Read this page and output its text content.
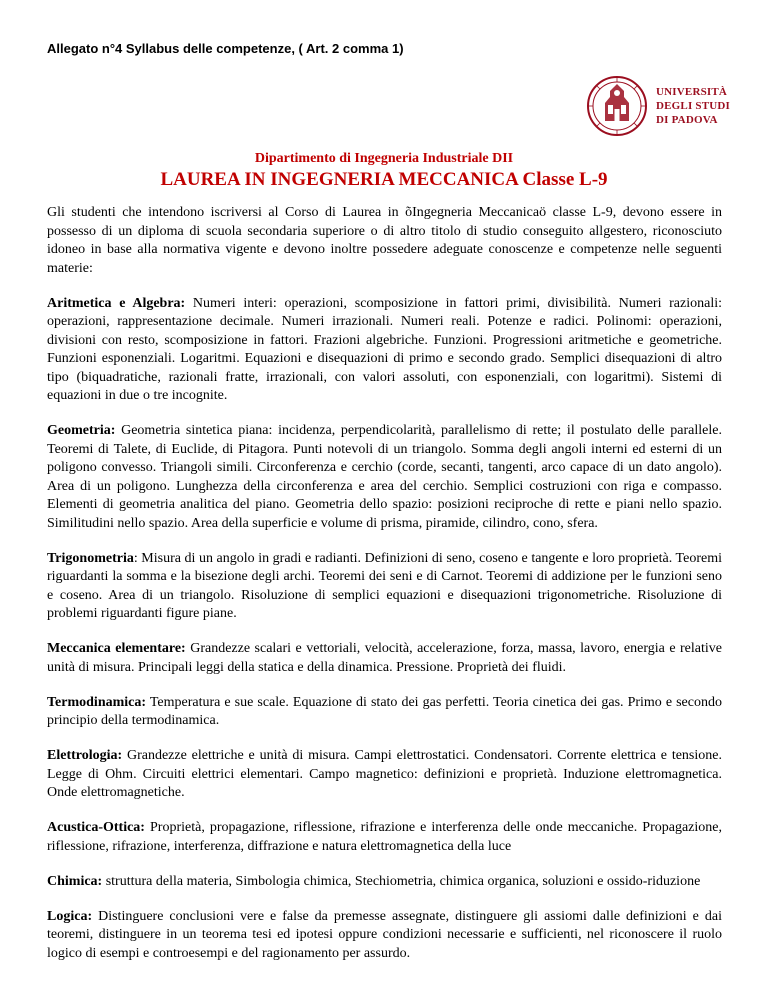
Allegato n°4 Syllabus delle competenze, ( Art. 2 comma 1)
UNIVERSITÀ
DEGLI STUDI
DI PADOVA
Dipartimento di Ingegneria Industriale DII
LAUREA IN INGEGNERIA MECCANICA Classe L-9

Gli studenti che intendono iscriversi al Corso di Laurea in õIngegneria Meccanicaö classe L-9, devono essere in possesso di un diploma di scuola secondaria superiore o di altro titolo di studio conseguito allgestero, riconosciuto idoneo in base alla normativa vigente e devono inoltre possedere adeguate conoscenze e competenze nelle seguenti materie:

Aritmetica e Algebra: Numeri interi: operazioni, scomposizione in fattori primi, divisibilità. Numeri razionali: operazioni, rappresentazione decimale. Numeri irrazionali. Numeri reali. Potenze e radici. Polinomi: operazioni, divisioni con resto, scomposizione in fattori. Frazioni algebriche. Funzioni. Progressioni aritmetiche e geometriche. Funzioni esponenziali. Logaritmi. Equazioni e disequazioni di primo e secondo grado. Semplici disequazioni di altro tipo (biquadratiche, razionali fratte, irrazionali, con valori assoluti, con esponenziali, con logaritmi). Sistemi di equazioni in due o tre incognite.

Geometria: Geometria sintetica piana: incidenza, perpendicolarità, parallelismo di rette; il postulato delle parallele. Teoremi di Talete, di Euclide, di Pitagora. Punti notevoli di un triangolo. Somma degli angoli interni ed esterni di un poligono convesso. Triangoli simili. Circonferenza e cerchio (corde, secanti, tangenti, arco capace di un dato angolo). Area di un poligono. Lunghezza della circonferenza e area del cerchio. Semplici costruzioni con riga e compasso. Elementi di geometria analitica del piano. Geometria dello spazio: posizioni reciproche di rette e piani nello spazio. Similitudini nello spazio. Area della superficie e volume di prisma, piramide, cilindro, cono, sfera.

Trigonometria: Misura di un angolo in gradi e radianti. Definizioni di seno, coseno e tangente e loro proprietà. Teoremi riguardanti la somma e la bisezione degli archi. Teoremi dei seni e di Carnot. Teoremi di addizione per le funzioni seno e coseno. Area di un triangolo. Risoluzione di semplici equazioni e disequazioni trigonometriche. Risoluzione di problemi riguardanti figure piane.

Meccanica elementare: Grandezze scalari e vettoriali, velocità, accelerazione, forza, massa, lavoro, energia e relative unità di misura. Principali leggi della statica e della dinamica. Pressione. Proprietà dei fluidi.

Termodinamica: Temperatura e sue scale. Equazione di stato dei gas perfetti. Teoria cinetica dei gas. Primo e secondo principio della termodinamica.

Elettrologia: Grandezze elettriche e unità di misura. Campi elettrostatici. Condensatori. Corrente elettrica e tensione. Legge di Ohm. Circuiti elettrici elementari. Campo magnetico: definizioni e proprietà. Induzione elettromagnetica. Onde elettromagnetiche.

Acustica-Ottica: Proprietà, propagazione, riflessione, rifrazione e interferenza delle onde meccaniche. Propagazione, riflessione, rifrazione, interferenza, diffrazione e natura elettromagnetica della luce

Chimica: struttura della materia, Simbologia chimica, Stechiometria, chimica organica, soluzioni e ossido-riduzione

Logica: Distinguere conclusioni vere e false da premesse assegnate, distinguere gli assiomi dalle definizioni e dai teoremi, distinguere in un teorema tesi ed ipotesi oppure condizioni necessarie e sufficienti, nel riconoscere il ruolo logico di esempi e controesempi e del ragionamento per assurdo.
